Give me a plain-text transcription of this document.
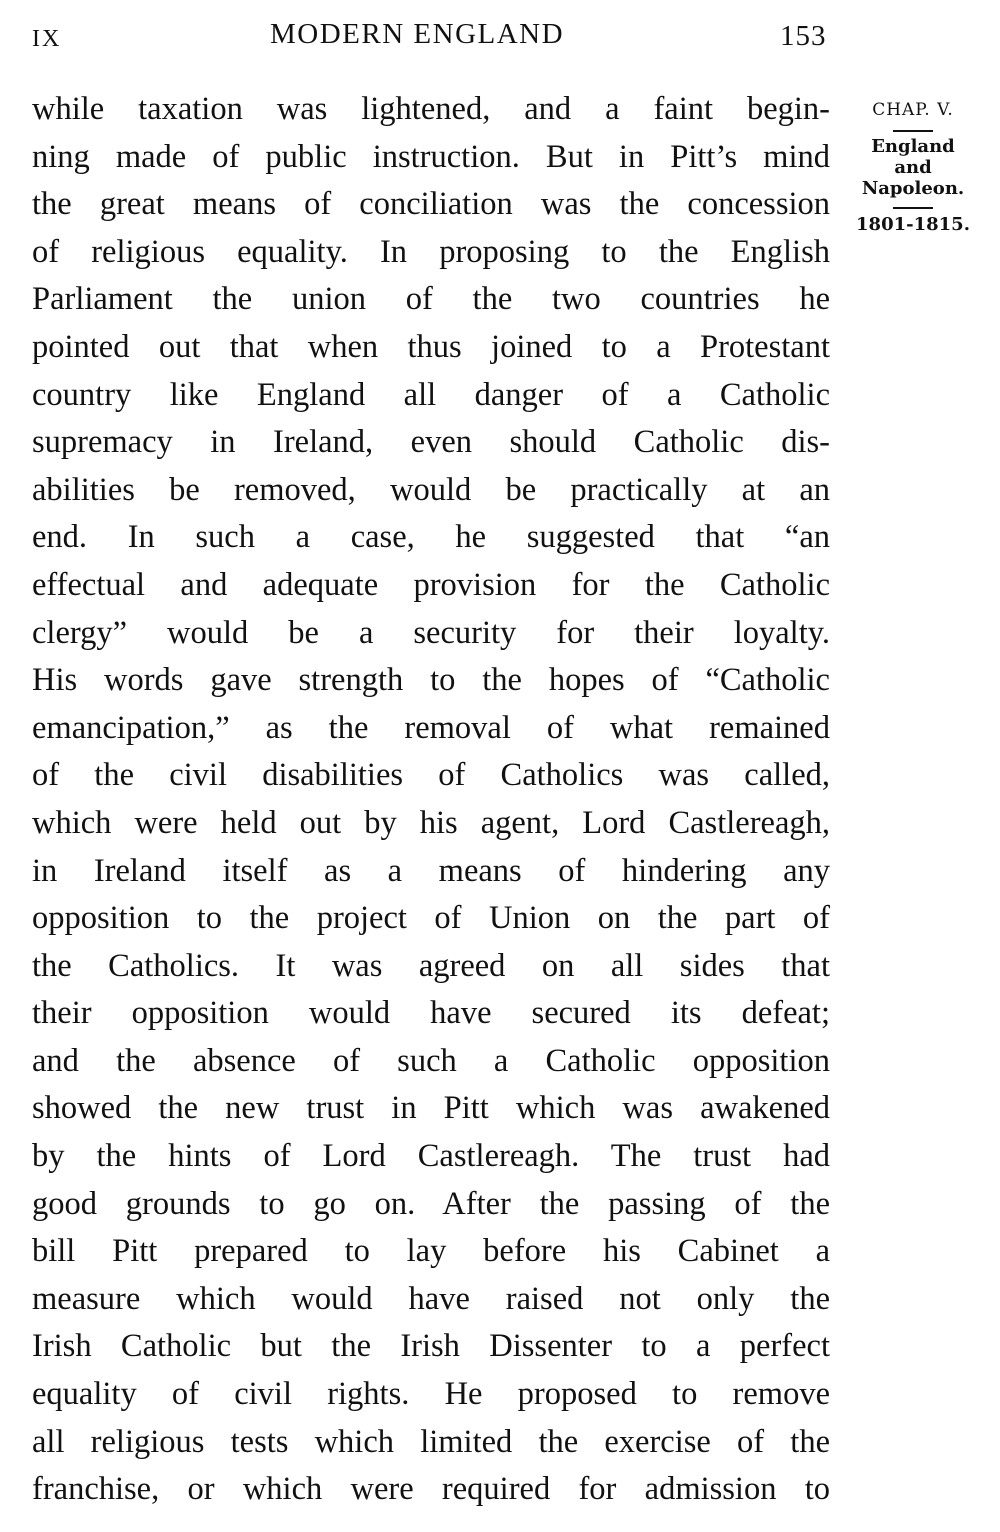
IX	MODERN ENGLAND	153
while taxation was lightened, and a faint begin-
ning made of public instruction. But in Pitt’s mind
the great means of conciliation was the concession
of religious equality. In proposing to the English
Parliament the union of the two countries he
pointed out that when thus joined to a Protestant
country like England all danger of a Catholic
supremacy in Ireland, even should Catholic dis-
abilities be removed, would be practically at an
end. In such a case, he suggested that “an
effectual and adequate provision for the Catholic
clergy” would be a security for their loyalty.
His words gave strength to the hopes of “Catholic
emancipation,” as the removal of what remained
of the civil disabilities of Catholics was called,
which were held out by his agent, Lord Castlereagh,
in Ireland itself as a means of hindering any
opposition to the project of Union on the part of
the Catholics. It was agreed on all sides that
their opposition would have secured its defeat;
and the absence of such a Catholic opposition
showed the new trust in Pitt which was awakened
by the hints of Lord Castlereagh. The trust had
good grounds to go on. After the passing of the
bill Pitt prepared to lay before his Cabinet a
measure which would have raised not only the
Irish Catholic but the Irish Dissenter to a perfect
equality of civil rights. He proposed to remove
all religious tests which limited the exercise of the
franchise, or which were required for admission to
CHAP. V.
England
and
Napoleon.
1801-1815.
